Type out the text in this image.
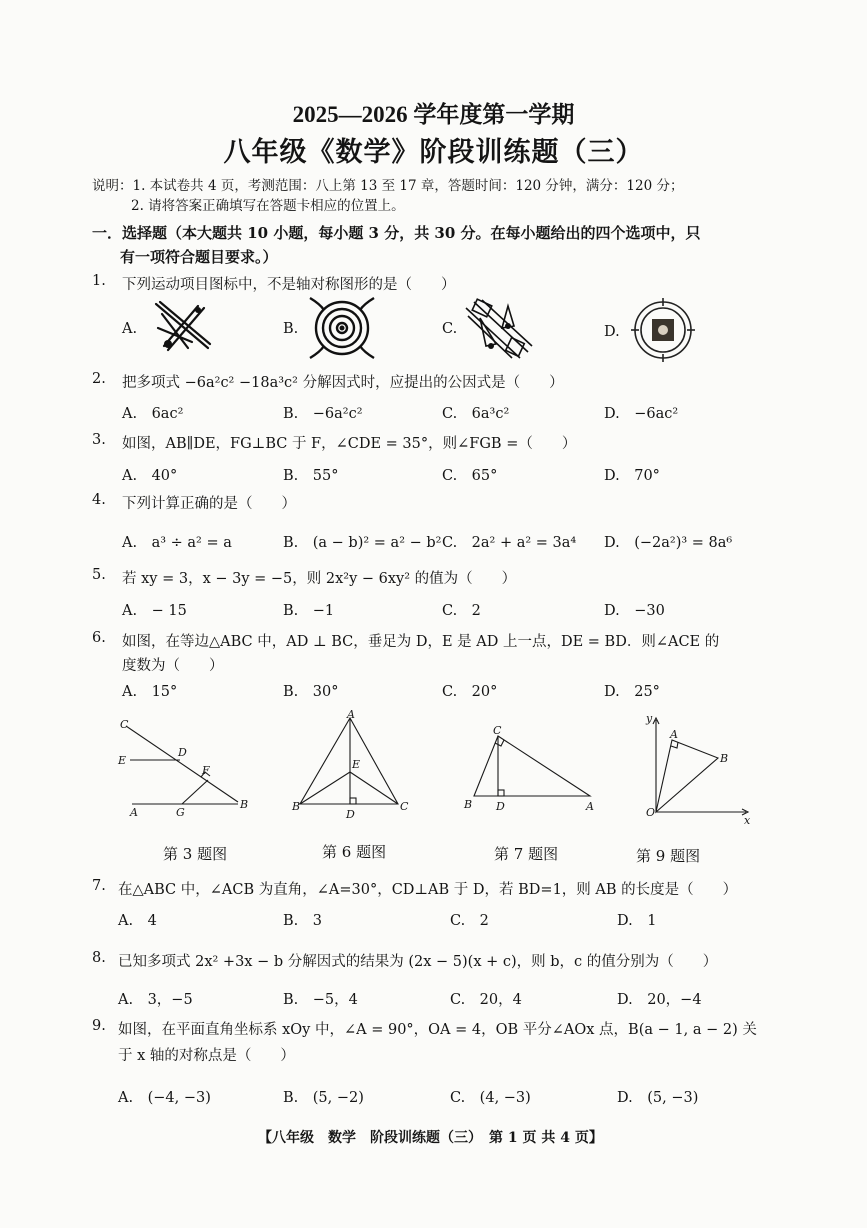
2025—2026 学年度第一学期
八年级《数学》阶段训练题（三）
说明：1. 本试卷共 4 页，考测范围：八上第 13 至 17 章，答题时间：120 分钟，满分：120 分；
2. 请将答案正确填写在答题卡相应的位置上。
一．选择题（本大题共 10 小题，每小题 3 分，共 30 分。在每小题给出的四个选项中，只
有一项符合题目要求。）
1. 下列运动项目图标中，不是轴对称图形的是（　　）
A.	B.	C.	D.
2. 把多项式 −6a²c² −18a³c² 分解因式时，应提出的公因式是（　　）
A.　6ac²	B.　−6a²c²	C.　6a³c²	D.　−6ac²
3. 如图，AB∥DE，FG⊥BC 于 F，∠CDE = 35°，则∠FGB =（　　）
A.　40°	B.　55°	C.　65°	D.　70°
4. 下列计算正确的是（　　）
A.　a³ ÷ a² = a	B.　(a − b)² = a² − b² C.　2a² + a² = 3a⁴ D.　(−2a²)³ = 8a⁶
5. 若 xy = 3，x − 3y = −5，则 2x²y − 6xy² 的值为（　　）
A.　− 15	B.　−1	C.　2	D.　−30
6. 如图，在等边△ABC 中，AD ⊥ BC，垂足为 D，E 是 AD 上一点，DE = BD．则∠ACE 的
度数为（　　）
A.　15°	B.　30°	C.　20°	D.　25°
C
E
D
F
A	G
B
A
E
B
D
C
C
B D	A
y
A
B
O
x
第 3 题图	第 6 题图	第 7 题图	第 9 题图
7. 在△ABC 中，∠ACB 为直角，∠A=30°，CD⊥AB 于 D，若 BD=1，则 AB 的长度是（　　）
A.　4	B.　3	C.　2	D.　1
8. 已知多项式 2x² +3x − b 分解因式的结果为 (2x − 5)(x + c)，则 b，c 的值分别为（　　）
A.　3，−5	B.　−5，4	C.　20，4	D.　20，−4
9. 如图，在平面直角坐标系 xOy 中，∠A = 90°，OA = 4，OB 平分∠AOx 点，B(a − 1, a − 2) 关
于 x 轴的对称点是（　　）
A.　(−4, −3)	B.　(5, −2)	C.　(4, −3)	D.　(5, −3)
【八年级　数学　阶段训练题（三）　第 1 页 共 4 页】
